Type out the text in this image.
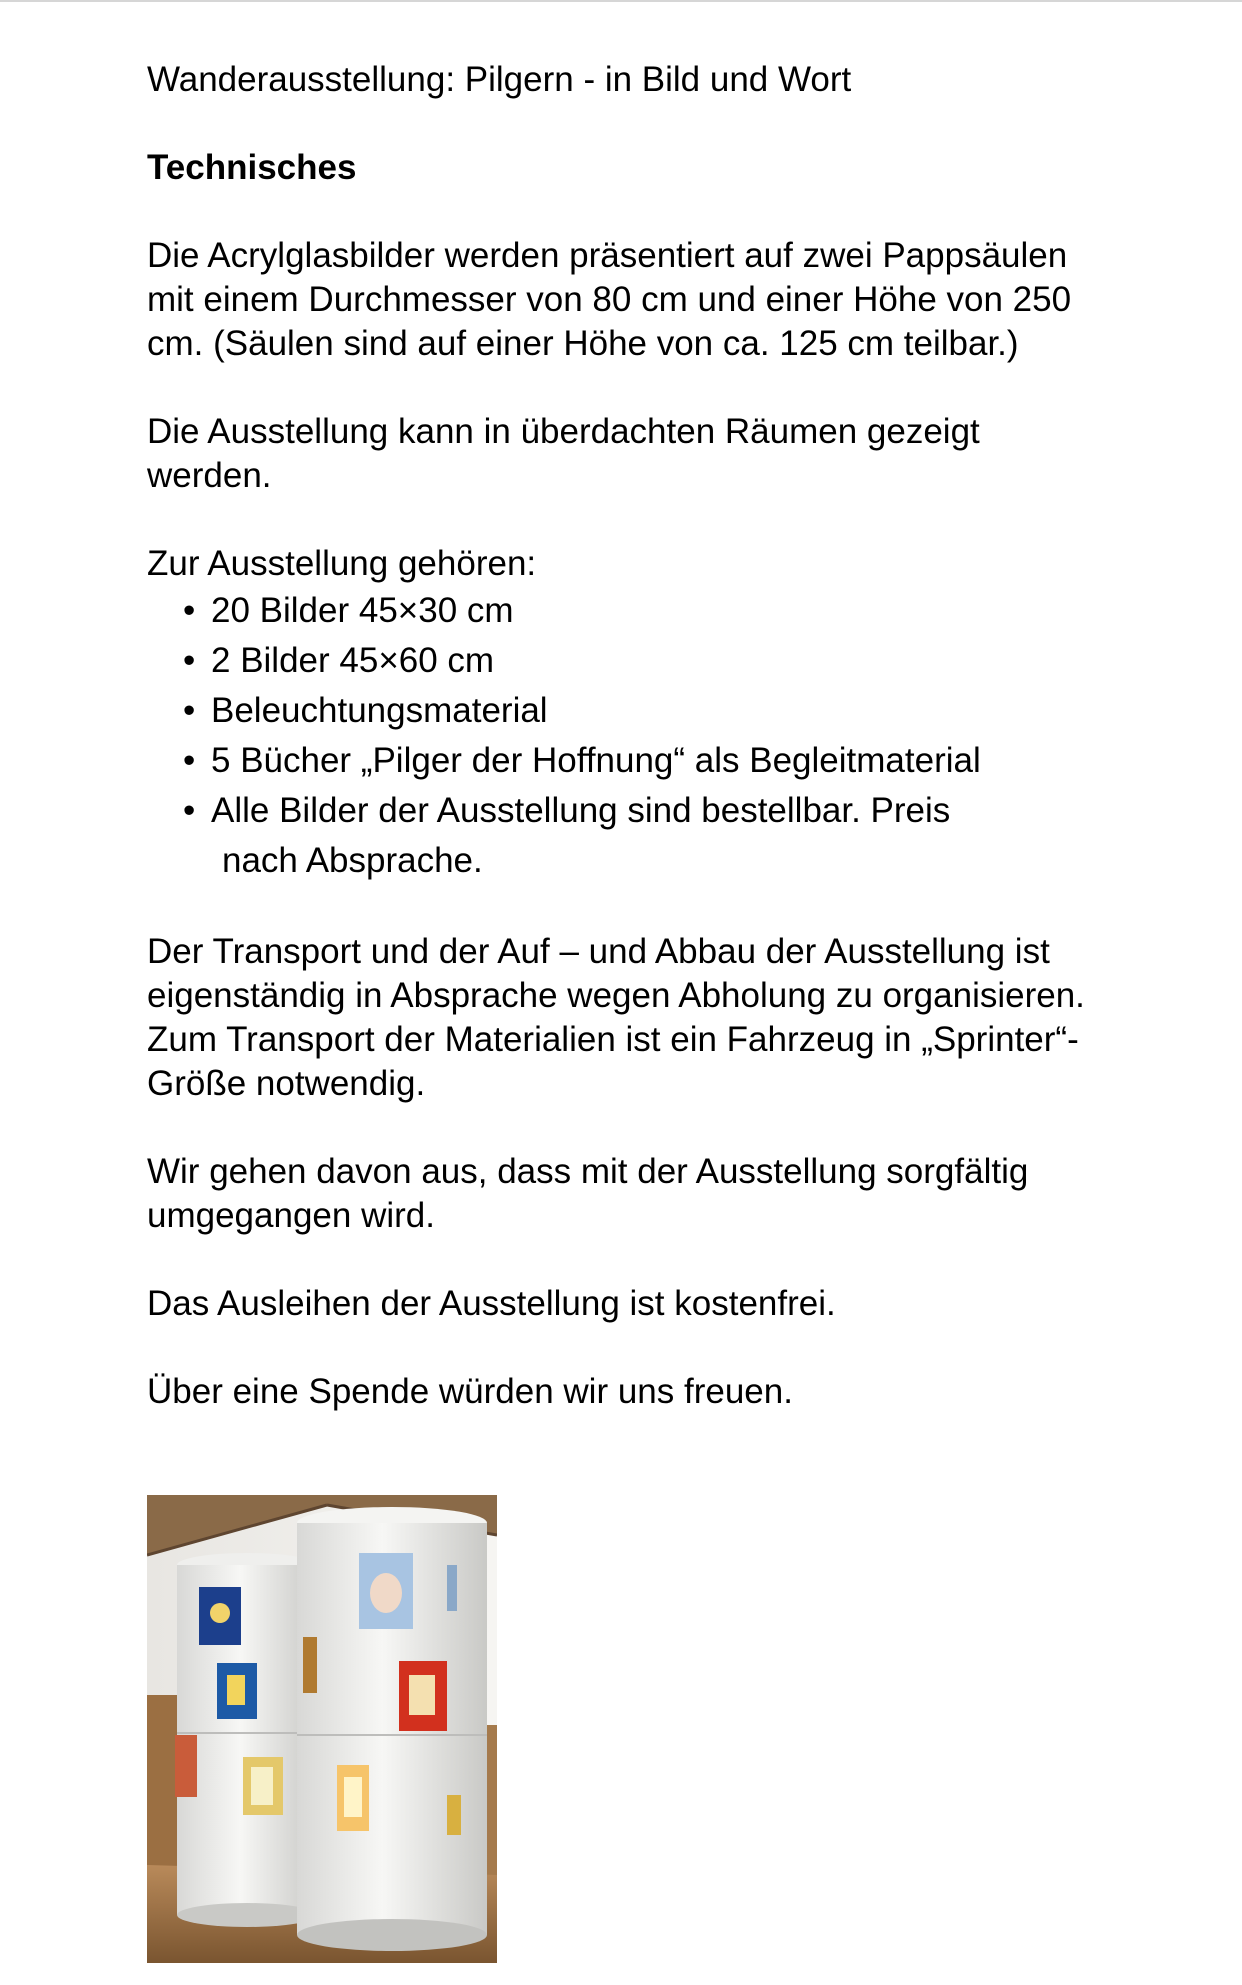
Wanderausstellung: Pilgern - in Bild und Wort

Technisches

Die Acrylglasbilder werden präsentiert auf zwei Pappsäulen mit einem Durchmesser von 80 cm und einer Höhe von 250 cm. (Säulen sind auf einer Höhe von ca. 125 cm teilbar.)

Die Ausstellung kann in überdachten Räumen gezeigt werden.

Zur Ausstellung gehören:

• 20 Bilder 45×30 cm
• 2 Bilder 45×60 cm
• Beleuchtungsmaterial
• 5 Bücher „Pilger der Hoffnung“ als Begleitmaterial
• Alle Bilder der Ausstellung sind bestellbar. Preis
nach Absprache.

Der Transport und der Auf – und Abbau der Ausstellung ist eigenständig in Absprache wegen Abholung zu organisieren. Zum Transport der Materialien ist ein Fahrzeug in „Sprinter“- Größe notwendig.

Wir gehen davon aus, dass mit der Ausstellung sorgfältig umgegangen wird.

Das Ausleihen der Ausstellung ist kostenfrei.

Über eine Spende würden wir uns freuen.
